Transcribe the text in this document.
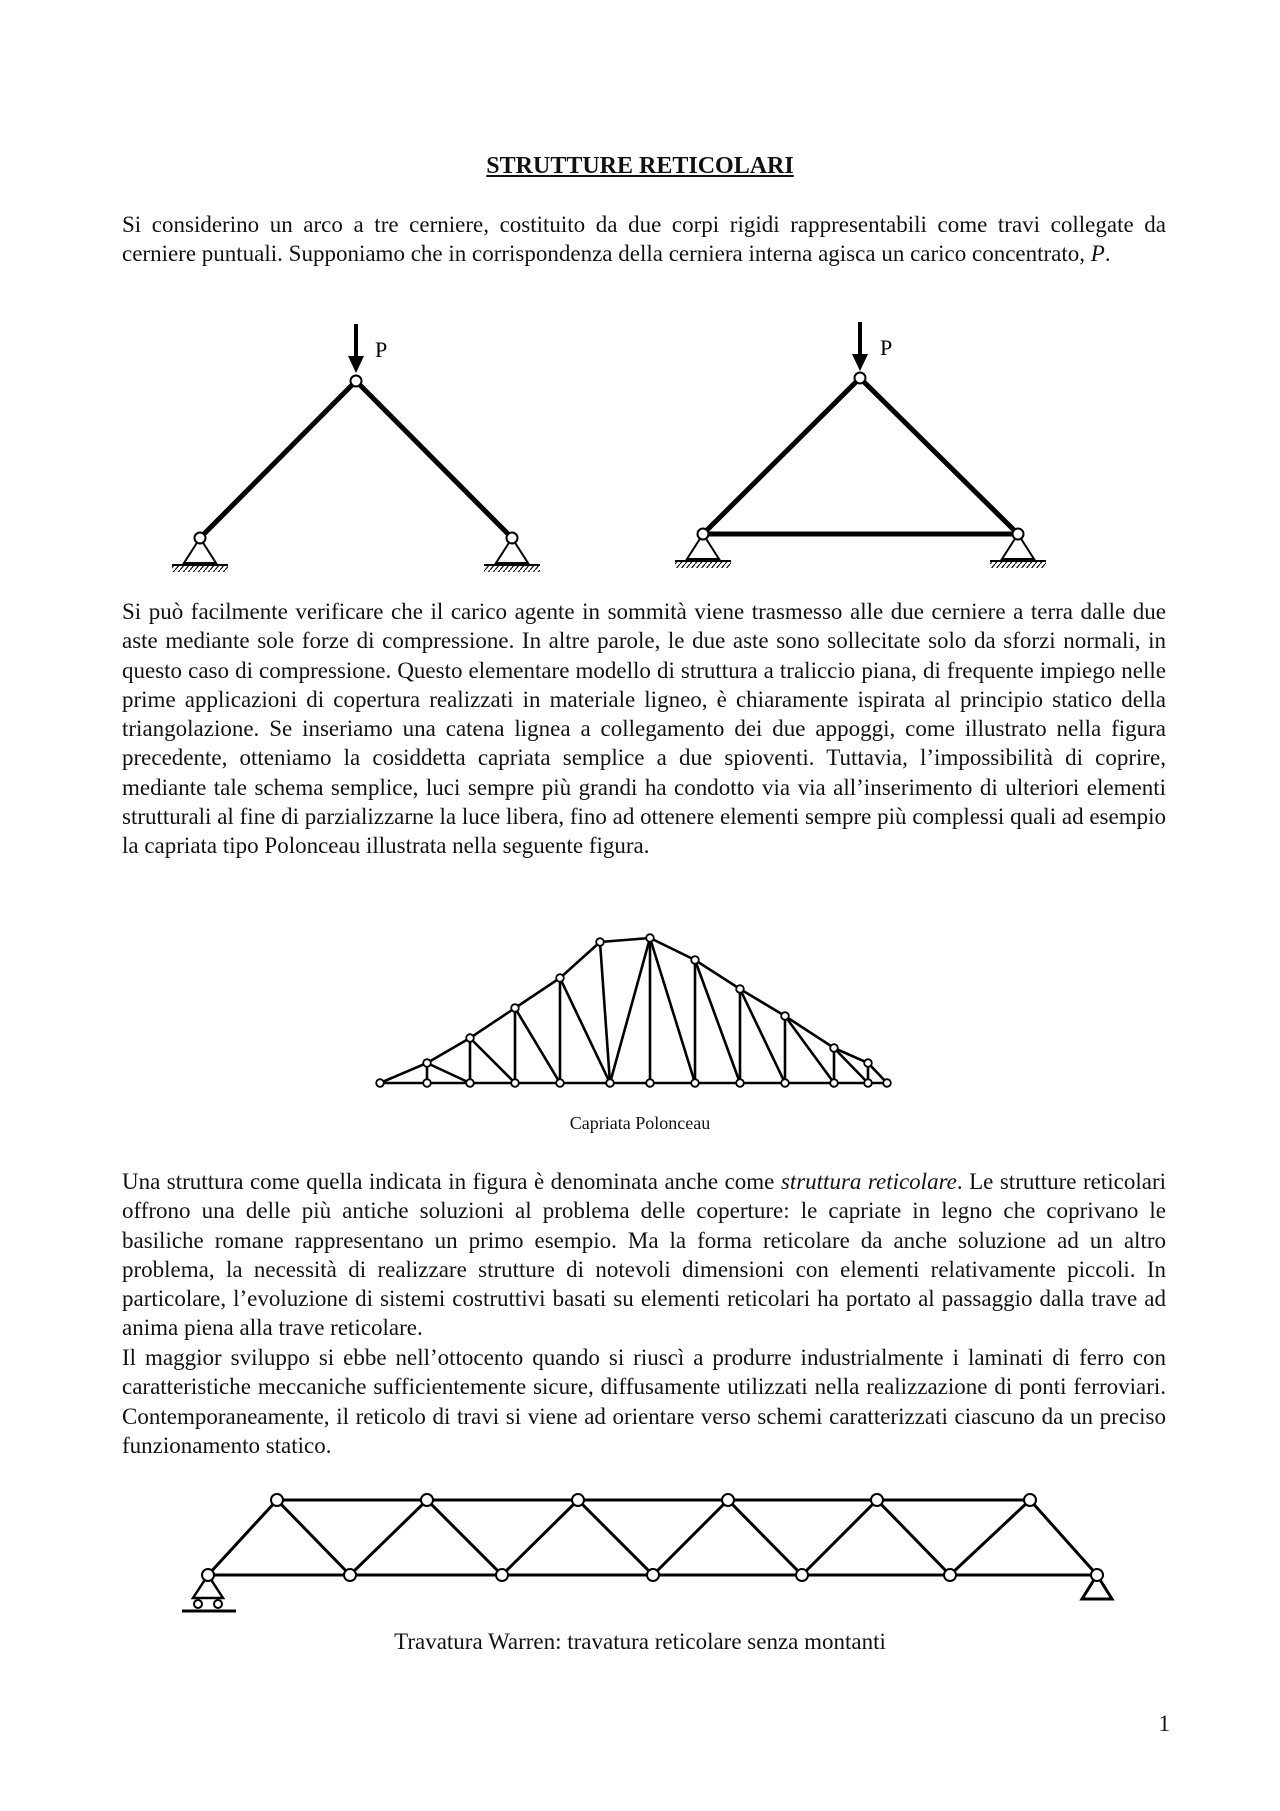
STRUTTURE RETICOLARI

Si considerino un arco a tre cerniere, costituito da due corpi rigidi rappresentabili come travi collegate da cerniere puntuali. Supponiamo che in corrispondenza della cerniera interna agisca un carico concentrato, P.

P	P

Si può facilmente verificare che il carico agente in sommità viene trasmesso alle due cerniere a terra dalle due aste mediante sole forze di compressione. In altre parole, le due aste sono sollecitate solo da sforzi normali, in questo caso di compressione. Questo elementare modello di struttura a traliccio piana, di frequente impiego nelle prime applicazioni di copertura realizzati in materiale ligneo, è chiaramente ispirata al principio statico della triangolazione. Se inseriamo una catena lignea a collegamento dei due appoggi, come illustrato nella figura precedente, otteniamo la cosiddetta capriata semplice a due spioventi. Tuttavia, l’impossibilità di coprire, mediante tale schema semplice, luci sempre più grandi ha condotto via via all’inserimento di ulteriori elementi strutturali al fine di parzializzarne la luce libera, fino ad ottenere elementi sempre più complessi quali ad esempio la capriata tipo Polonceau illustrata nella seguente figura.

Capriata Polonceau

Una struttura come quella indicata in figura è denominata anche come struttura reticolare. Le strutture reticolari offrono una delle più antiche soluzioni al problema delle coperture: le capriate in legno che coprivano le basiliche romane rappresentano un primo esempio. Ma la forma reticolare da anche soluzione ad un altro problema, la necessità di realizzare strutture di notevoli dimensioni con elementi relativamente piccoli. In particolare, l’evoluzione di sistemi costruttivi basati su elementi reticolari ha portato al passaggio dalla trave ad anima piena alla trave reticolare.

Il maggior sviluppo si ebbe nell’ottocento quando si riuscì a produrre industrialmente i laminati di ferro con caratteristiche meccaniche sufficientemente sicure, diffusamente utilizzati nella realizzazione di ponti ferroviari. Contemporaneamente, il reticolo di travi si viene ad orientare verso schemi caratterizzati ciascuno da un preciso funzionamento statico.

Travatura Warren: travatura reticolare senza montanti

1
